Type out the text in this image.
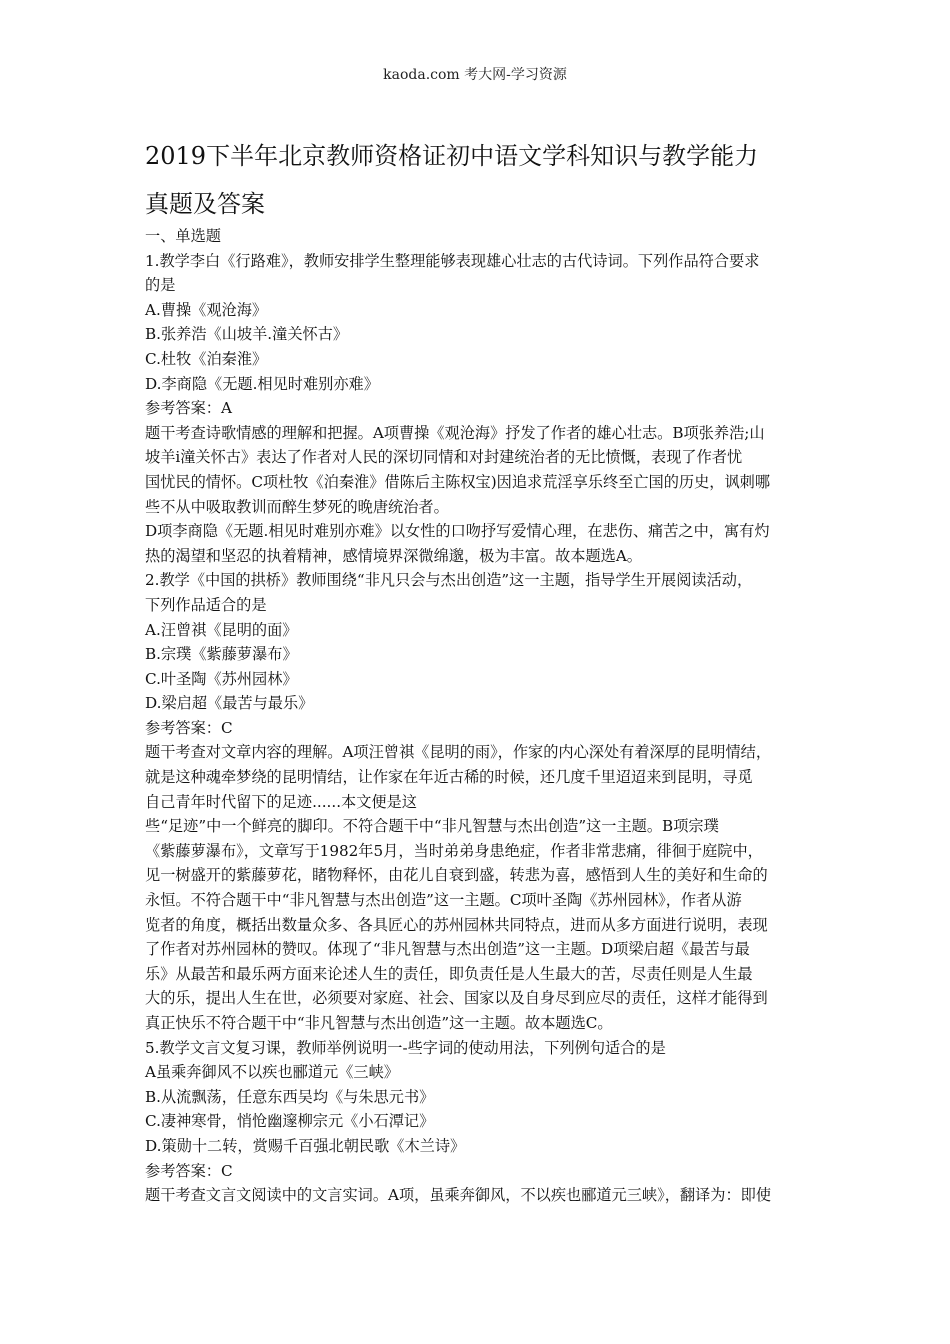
kaoda.com 考大网-学习资源
2019下半年北京教师资格证初中语文学科知识与教学能力
真题及答案

一、单选题

1.教学李白《行路难》，教师安排学生整理能够表现雄心壮志的古代诗词。下列作品符合要求

的是

A.曹操《观沧海》

B.张养浩《山坡羊.潼关怀古》

C.杜牧《泊秦淮》

D.李商隐《无题.相见时难别亦难》

参考答案：A

题干考查诗歌情感的理解和把握。A项曹操《观沧海》抒发了作者的雄心壮志。B项张养浩;山

坡羊i潼关怀古》表达了作者对人民的深切同情和对封建统治者的无比愤慨，表现了作者忧

国忧民的情怀。C项杜牧《泊秦淮》借陈后主陈权宝)因追求荒淫享乐终至亡国的历史，讽刺哪

些不从中吸取教训而醉生梦死的晚唐统治者。

D项李商隐《无题.相见时难别亦难》以女性的口吻抒写爱情心理，在悲伤、痛苦之中，寓有灼

热的渴望和坚忍的执着精神，感情境界深微绵邈，极为丰富。故本题选A。

2.教学《中国的拱桥》教师围绕“非凡只会与杰出创造”这一主题，指导学生开展阅读活动，

下列作品适合的是

A.汪曾祺《昆明的面》

B.宗璞《紫藤萝瀑布》

C.叶圣陶《苏州园林》

D.梁启超《最苦与最乐》

参考答案：C

题干考查对文章内容的理解。A项汪曾祺《昆明的雨》，作家的内心深处有着深厚的昆明情结，

就是这种魂牵梦绕的昆明情结，让作家在年近古稀的时候，还几度千里迢迢来到昆明，寻觅

自己青年时代留下的足迹......本文便是这

些“足迹”中一个鲜亮的脚印。不符合题干中“非凡智慧与杰出创造”这一主题。B项宗璞

《紫藤萝瀑布》，文章写于1982年5月，当时弟弟身患绝症，作者非常悲痛，徘徊于庭院中，

见一树盛开的紫藤萝花，睹物释怀，由花儿自衰到盛，转悲为喜，感悟到人生的美好和生命的

永恒。不符合题干中“非凡智慧与杰出创造”这一主题。C项叶圣陶《苏州园林》，作者从游

览者的角度，概括出数量众多、各具匠心的苏州园林共同特点，进而从多方面进行说明，表现

了作者对苏州园林的赞叹。体现了“非凡智慧与杰出创造”这一主题。D项梁启超《最苦与最

乐》从最苦和最乐两方面来论述人生的责任，即负责任是人生最大的苦，尽责任则是人生最

大的乐，提出人生在世，必须要对家庭、社会、国家以及自身尽到应尽的责任，这样才能得到

真正快乐不符合题干中“非凡智慧与杰出创造”这一主题。故本题选C。

5.教学文言文复习课，教师举例说明一-些字词的使动用法，下列例句适合的是

A虽乘奔御风不以疾也郦道元《三峡》

B.从流飘荡，任意东西吴均《与朱思元书》

C.凄神寒骨，悄怆幽邃柳宗元《小石潭记》

D.策勋十二转，赏赐千百强北朝民歌《木兰诗》

参考答案：C

题干考查文言文阅读中的文言实词。A项，虽乘奔御风，不以疾也郦道元三峡》，翻译为：即使
